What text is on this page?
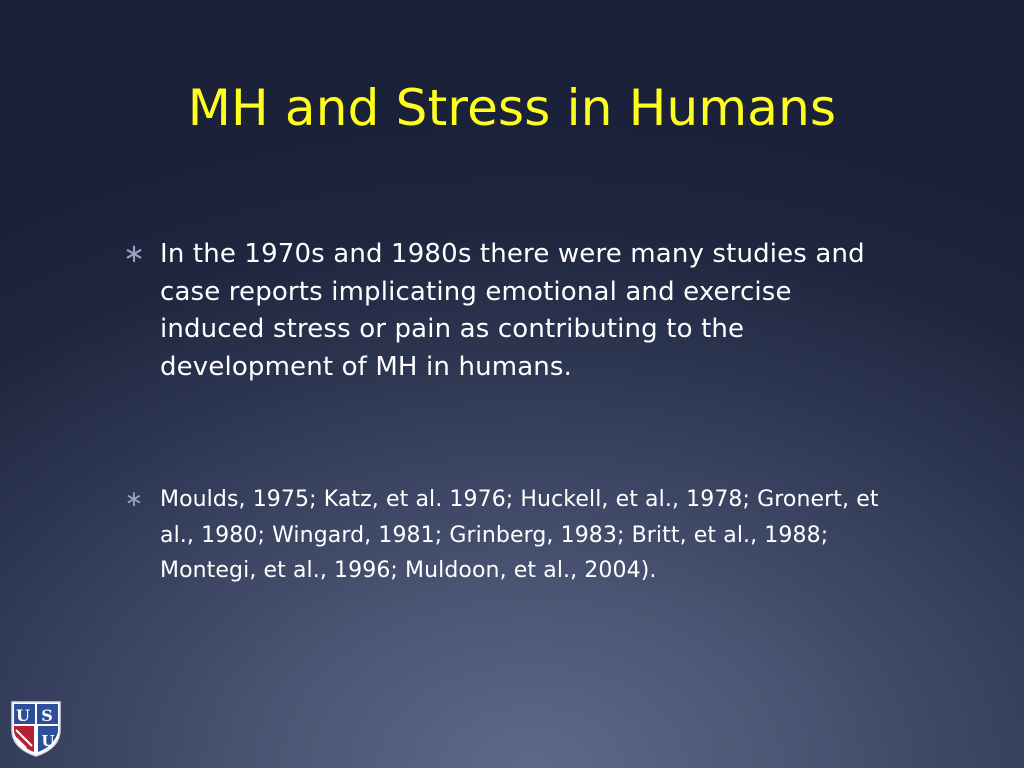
MH and Stress in Humans
∗ In the 1970s and 1980s there were many studies and case reports implicating emotional and exercise induced stress or pain as contributing to the development of MH in humans.
∗ Moulds, 1975; Katz, et al. 1976; Huckell, et al., 1978; Gronert, et al., 1980; Wingard, 1981; Grinberg, 1983; Britt, et al., 1988; Montegi, et al., 1996; Muldoon, et al., 2004).
U S
U
